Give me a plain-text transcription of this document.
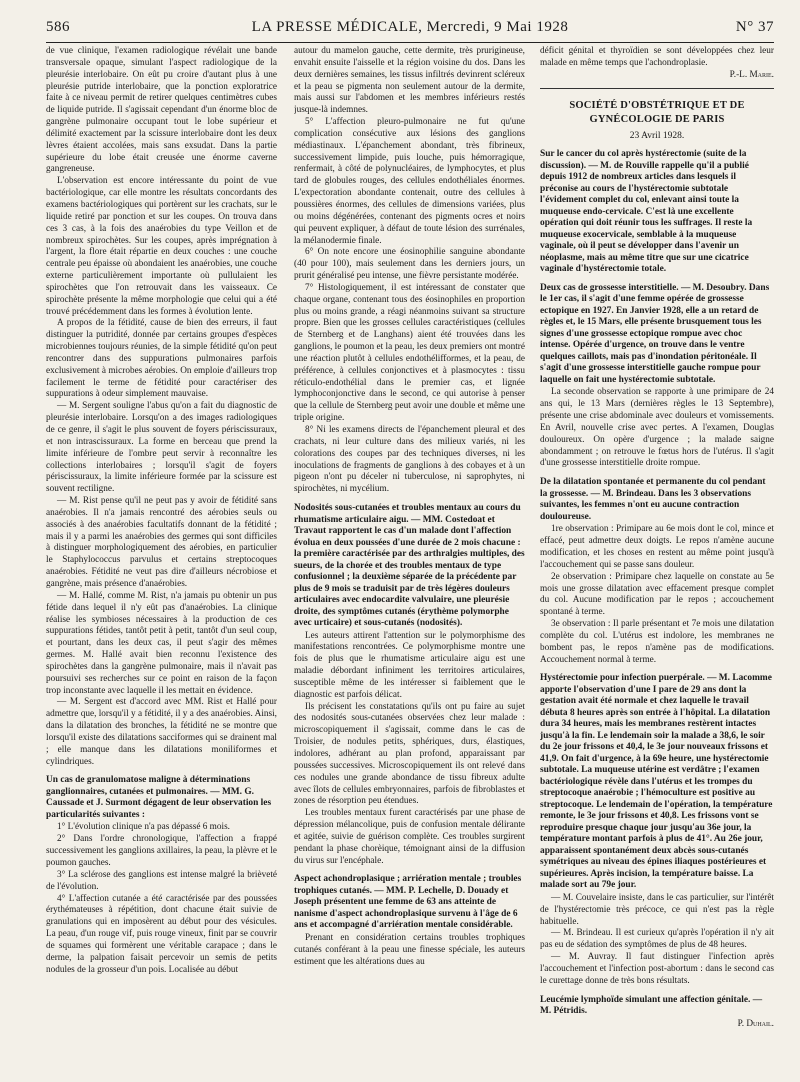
586	LA PRESSE MÉDICALE, Mercredi, 9 Mai 1928	N° 37

de vue clinique, l'examen radiologique révélait une bande transversale opaque, simulant l'aspect radiologique de la pleurésie interlobaire. On eût pu croire d'autant plus à une pleurésie putride interlobaire, que la ponction exploratrice faite à ce niveau permit de retirer quelques centimètres cubes de liquide putride. Il s'agissait cependant d'un énorme bloc de gangrène pulmonaire occupant tout le lobe supérieur et délimité exactement par la scissure interlobaire dont les deux lèvres étaient accolées, mais sans exsudat. Dans la partie supérieure du lobe était creusée une énorme caverne gangreneuse.

L'observation est encore intéressante du point de vue bactériologique, car elle montre les résultats concordants des examens bactériologiques qui portèrent sur les crachats, sur le liquide retiré par ponction et sur les coupes. On trouva dans ces 3 cas, à la fois des anaérobies du type Veillon et de nombreux spirochètes. Sur les coupes, après imprégnation à l'argent, la flore était répartie en deux couches : une couche centrale peu épaisse où abondaient les anaérobies, une couche externe particulièrement importante où pullulaient les spirochètes que l'on retrouvait dans les vaisseaux. Ce spirochète présente la même morphologie que celui qui a été trouvé précédemment dans les formes à évolution lente.

A propos de la fétidité, cause de bien des erreurs, il faut distinguer la putridité, donnée par certains groupes d'espèces microbiennes toujours réunies, de la simple fétidité qu'on peut rencontrer dans des suppurations pulmonaires parfois exclusivement à microbes aérobies. On emploie d'ailleurs trop facilement le terme de fétidité pour caractériser des suppurations à odeur simplement mauvaise.

— M. Sergent souligne l'abus qu'on a fait du diagnostic de pleurésie interlobaire. Lorsqu'on a des images radiologiques de ce genre, il s'agit le plus souvent de foyers périscissuraux, et non intrascissuraux. La forme en berceau que prend la limite inférieure de l'ombre peut servir à reconnaître les collections interlobaires ; lorsqu'il s'agit de foyers périscissuraux, la limite inférieure formée par la scissure est souvent rectiligne.

— M. Rist pense qu'il ne peut pas y avoir de fétidité sans anaérobies. Il n'a jamais rencontré des aérobies seuls ou associés à des anaérobies facultatifs donnant de la fétidité ; mais il y a parmi les anaérobies des germes qui sont difficiles à distinguer morphologiquement des aérobies, en particulier le Staphylococcus parvulus et certains streptocoques anaérobies. Fétidité ne veut pas dire d'ailleurs nécrobiose et gangrène, mais présence d'anaérobies.

— M. Hallé, comme M. Rist, n'a jamais pu obtenir un pus fétide dans lequel il n'y eût pas d'anaérobies. La clinique réalise les symbioses nécessaires à la production de ces suppurations fétides, tantôt petit à petit, tantôt d'un seul coup, et pourtant, dans les deux cas, il peut s'agir des mêmes germes. M. Hallé avait bien reconnu l'existence des spirochètes dans la gangrène pulmonaire, mais il n'avait pas poursuivi ses recherches sur ce point en raison de la façon trop inconstante avec laquelle il les mettait en évidence.

— M. Sergent est d'accord avec MM. Rist et Hallé pour admettre que, lorsqu'il y a fétidité, il y a des anaérobies. Ainsi, dans la dilatation des bronches, la fétidité ne se montre que lorsqu'il existe des dilatations sacciformes qui se drainent mal ; elle manque dans les dilatations moniliformes et cylindriques.

Un cas de granulomatose maligne à déterminations ganglionnaires, cutanées et pulmonaires. — MM. G. Caussade et J. Surmont dégagent de leur observation les particularités suivantes :

1° L'évolution clinique n'a pas dépassé 6 mois.

2° Dans l'ordre chronologique, l'affection a frappé successivement les ganglions axillaires, la peau, la plèvre et le poumon gauches.

3° La sclérose des ganglions est intense malgré la brièveté de l'évolution.

4° L'affection cutanée a été caractérisée par des poussées érythémateuses à répétition, dont chacune était suivie de granulations qui en imposèrent au début pour des vésicules. La peau, d'un rouge vif, puis rouge vineux, finit par se couvrir de squames qui formèrent une véritable carapace ; dans le derme, la palpation faisait percevoir un semis de petits nodules de la grosseur d'un pois. Localisée au début

autour du mamelon gauche, cette dermite, très prurigineuse, envahit ensuite l'aisselle et la région voisine du dos. Dans les deux dernières semaines, les tissus infiltrés devinrent scléreux et la peau se pigmenta non seulement autour de la dermite, mais aussi sur l'abdomen et les membres inférieurs restés jusque-là indemnes.

5° L'affection pleuro-pulmonaire ne fut qu'une complication consécutive aux lésions des ganglions médiastinaux. L'épanchement abondant, très fibrineux, successivement limpide, puis louche, puis hémorragique, renfermait, à côté de polynucléaires, de lymphocytes, et plus tard de globules rouges, des cellules endothéliales énormes. L'expectoration abondante contenait, outre des cellules à poussières énormes, des cellules de dimensions variées, plus ou moins dégénérées, contenant des pigments ocres et noirs qui peuvent expliquer, à défaut de toute lésion des surrénales, la mélanodermie finale.

6° On note encore une éosinophilie sanguine abondante (40 pour 100), mais seulement dans les derniers jours, un prurit généralisé peu intense, une fièvre persistante modérée.

7° Histologiquement, il est intéressant de constater que chaque organe, contenant tous des éosinophiles en proportion plus ou moins grande, a réagi néanmoins suivant sa structure propre. Bien que les grosses cellules caractéristiques (cellules de Sternberg et de Langhans) aient été trouvées dans les ganglions, le poumon et la peau, les deux premiers ont montré une réaction plutôt à cellules endothélifformes, et la peau, de préférence, à cellules conjonctives et à plasmocytes : tissu réticulo-endothélial dans le premier cas, et lignée lymphoconjonctive dans le second, ce qui autorise à penser que la cellule de Sternberg peut avoir une double et même une triple origine.

8° Ni les examens directs de l'épanchement pleural et des crachats, ni leur culture dans des milieux variés, ni les colorations des coupes par des techniques diverses, ni les inoculations de fragments de ganglions à des cobayes et à un pigeon n'ont pu déceler ni tuberculose, ni saprophytes, ni spirochètes, ni mycélium.

Nodosités sous-cutanées et troubles mentaux au cours du rhumatisme articulaire aigu. — MM. Costedoat et Travaut rapportent le cas d'un malade dont l'affection évolua en deux poussées d'une durée de 2 mois chacune : la première caractérisée par des arthralgies multiples, des sueurs, de la chorée et des troubles mentaux de type confusionnel ; la deuxième séparée de la précédente par plus de 9 mois se traduisit par de très légères douleurs articulaires avec endocardite valvulaire, une pleurésie droite, des symptômes cutanés (érythème polymorphe avec urticaire) et sous-cutanés (nodosités).

Les auteurs attirent l'attention sur le polymorphisme des manifestations rencontrées. Ce polymorphisme montre une fois de plus que le rhumatisme articulaire aigu est une maladie débordant infiniment les territoires articulaires, susceptible même de les intéresser si faiblement que le diagnostic est parfois délicat.

Ils précisent les constatations qu'ils ont pu faire au sujet des nodosités sous-cutanées observées chez leur malade : microscopiquement il s'agissait, comme dans le cas de Troisier, de nodules petits, sphériques, durs, élastiques, indolores, adhérant au plan profond, apparaissant par poussées successives. Microscopiquement ils ont relevé dans ces nodules une grande abondance de tissu fibreux adulte avec îlots de cellules embryonnaires, parfois de fibroblastes et zones de résorption peu étendues.

Les troubles mentaux furent caractérisés par une phase de dépression mélancolique, puis de confusion mentale délirante et agitée, suivie de guérison complète. Ces troubles surgirent pendant la phase chorèique, témoignant ainsi de la diffusion du virus sur l'encéphale.

Aspect achondroplasique ; arriération mentale ; troubles trophiques cutanés. — MM. P. Lechelle, D. Douady et Joseph présentent une femme de 63 ans atteinte de nanisme d'aspect achondroplasique survenu à l'âge de 6 ans et accompagné d'arriération mentale considérable.

Prenant en considération certains troubles trophiques cutanés conférant à la peau une finesse spéciale, les auteurs estiment que les altérations dues au

déficit génital et thyroïdien se sont développées chez leur malade en même temps que l'achondroplasie.

P.-L. Marie.

SOCIÉTÉ D'OBSTÉTRIQUE ET DE GYNÉCOLOGIE DE PARIS
23 Avril 1928.
Sur le cancer du col après hystérectomie (suite de la discussion). — M. de Rouville rappelle qu'il a publié depuis 1912 de nombreux articles dans lesquels il préconise au cours de l'hystérectomie subtotale l'évidement complet du col, enlevant ainsi toute la muqueuse endo-cervicale. C'est là une excellente opération qui doit réunir tous les suffrages. Il reste la muqueuse exocervicale, semblable à la muqueuse vaginale, où il peut se développer dans l'avenir un néoplasme, mais au même titre que sur une cicatrice vaginale d'hystérectomie totale.
Deux cas de grossesse interstitielle. — M. Desoubry. Dans le 1er cas, il s'agit d'une femme opérée de grossesse ectopique en 1927. En Janvier 1928, elle a un retard de règles et, le 15 Mars, elle présente brusquement tous les signes d'une grossesse ectopique rompue avec choc intense. Opérée d'urgence, on trouve dans le ventre quelques caillots, mais pas d'inondation péritonéale. Il s'agit d'une grossesse interstitielle gauche rompue pour laquelle on fait une hystérectomie subtotale.

La seconde observation se rapporte à une primipare de 24 ans qui, le 13 Mars (dernières règles le 13 Septembre), présente une crise abdominale avec douleurs et vomissements. En Avril, nouvelle crise avec pertes. A l'examen, Douglas douloureux. On opère d'urgence ; la malade saigne abondamment ; on retrouve le fœtus hors de l'utérus. Il s'agit d'une grossesse interstitielle droite rompue.

De la dilatation spontanée et permanente du col pendant la grossesse. — M. Brindeau. Dans les 3 observations suivantes, les femmes n'ont eu aucune contraction douloureuse.

1re observation : Primipare au 6e mois dont le col, mince et effacé, peut admettre deux doigts. Le repos n'amène aucune modification, et les choses en restent au même point jusqu'à l'accouchement qui se passe sans douleur.

2e observation : Primipare chez laquelle on constate au 5e mois une grosse dilatation avec effacement presque complet du col. Aucune modification par le repos ; accouchement spontané à terme.

3e observation : Il parle présentant et 7e mois une dilatation complète du col. L'utérus est indolore, les membranes ne bombent pas, le repos n'amène pas de modifications. Accouchement normal à terme.

Hystérectomie pour infection puerpérale. — M. Lacomme apporte l'observation d'une I pare de 29 ans dont la gestation avait été normale et chez laquelle le travail débuta 8 heures après son entrée à l'hôpital. La dilatation dura 34 heures, mais les membranes restèrent intactes jusqu'à la fin. Le lendemain soir la malade a 38,6, le soir du 2e jour frissons et 40,4, le 3e jour nouveaux frissons et 41,9. On fait d'urgence, à la 69e heure, une hystérectomie subtotale. La muqueuse utérine est verdâtre ; l'examen bactériologique révèle dans l'utérus et les trompes du streptocoque anaérobie ; l'hémoculture est positive au streptocoque. Le lendemain de l'opération, la température remonte, le 3e jour frissons et 40,8. Les frissons vont se reproduire presque chaque jour jusqu'au 36e jour, la température montant parfois à plus de 41°. Au 26e jour, apparaissent spontanément deux abcès sous-cutanés symétriques au niveau des épines iliaques postérieures et supérieures. Après incision, la température baisse. La malade sort au 79e jour.

— M. Couvelaire insiste, dans le cas particulier, sur l'intérêt de l'hystérectomie très précoce, ce qui n'est pas la règle habituelle.

— M. Brindeau. Il est curieux qu'après l'opération il n'y ait pas eu de sédation des symptômes de plus de 48 heures.

— M. Auvray. Il faut distinguer l'infection après l'accouchement et l'infection post-abortum : dans le second cas le curettage donne de très bons résultats.

Leucémie lymphoïde simulant une affection génitale. — M. Pétridis.

P. Duhail.
